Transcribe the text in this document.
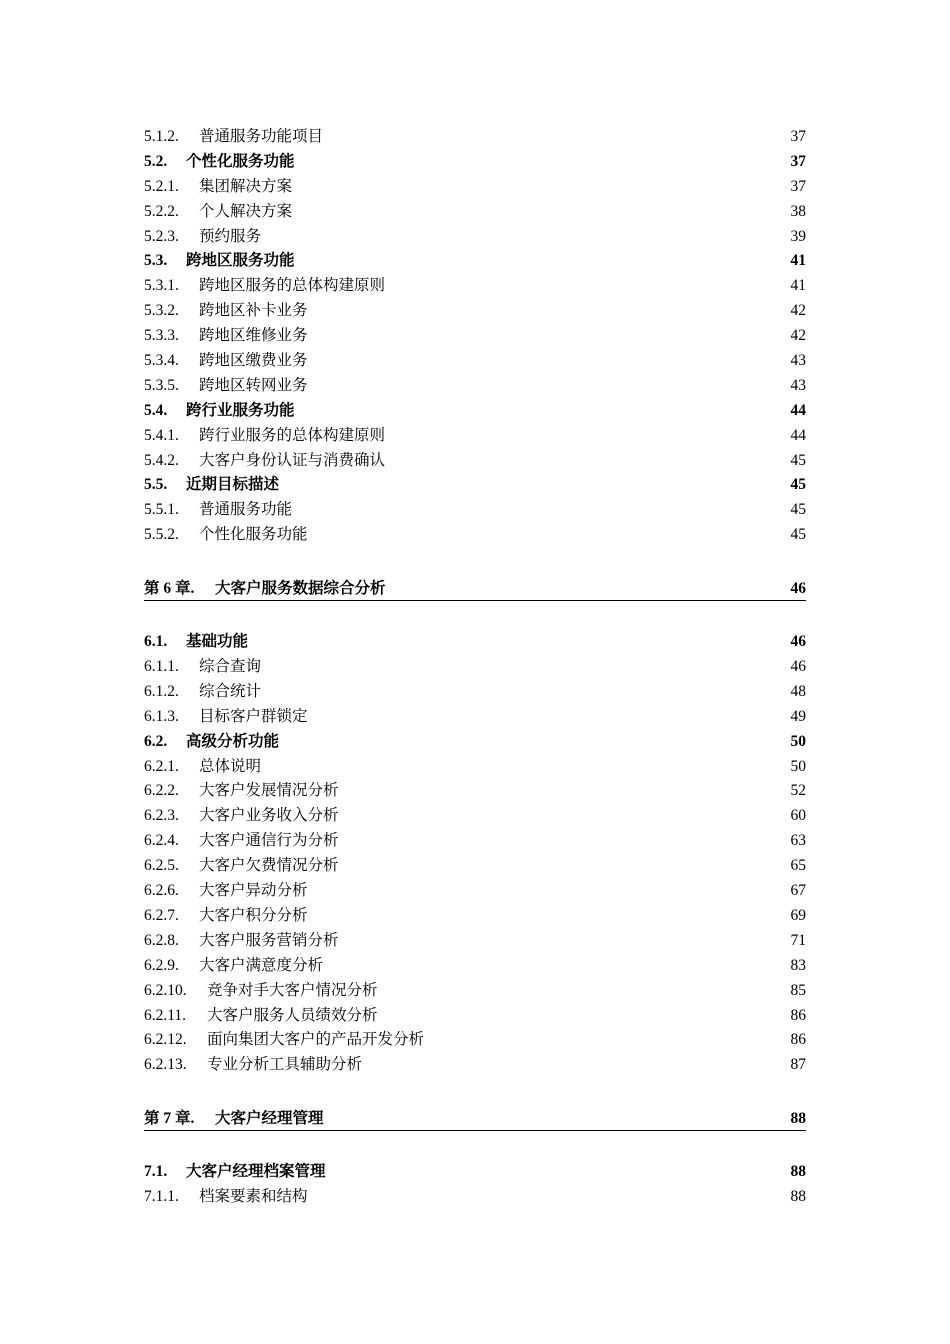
5.1.2. 普通服务功能项目	37
5.2. 个性化服务功能	37
5.2.1. 集团解决方案	37
5.2.2. 个人解决方案	38
5.2.3. 预约服务	39
5.3. 跨地区服务功能	41
5.3.1. 跨地区服务的总体构建原则	41
5.3.2. 跨地区补卡业务	42
5.3.3. 跨地区维修业务	42
5.3.4. 跨地区缴费业务	43
5.3.5. 跨地区转网业务	43
5.4. 跨行业服务功能	44
5.4.1. 跨行业服务的总体构建原则	44
5.4.2. 大客户身份认证与消费确认	45
5.5. 近期目标描述	45
5.5.1. 普通服务功能	45
5.5.2. 个性化服务功能	45
第 6 章. 大客户服务数据综合分析	46
6.1. 基础功能	46
6.1.1. 综合查询	46
6.1.2. 综合统计	48
6.1.3. 目标客户群锁定	49
6.2. 高级分析功能	50
6.2.1. 总体说明	50
6.2.2. 大客户发展情况分析	52
6.2.3. 大客户业务收入分析	60
6.2.4. 大客户通信行为分析	63
6.2.5. 大客户欠费情况分析	65
6.2.6. 大客户异动分析	67
6.2.7. 大客户积分分析	69
6.2.8. 大客户服务营销分析	71
6.2.9. 大客户满意度分析	83
6.2.10. 竞争对手大客户情况分析	85
6.2.11. 大客户服务人员绩效分析	86
6.2.12. 面向集团大客户的产品开发分析	86
6.2.13. 专业分析工具辅助分析	87
第 7 章. 大客户经理管理	88
7.1. 大客户经理档案管理	88
7.1.1. 档案要素和结构	88
